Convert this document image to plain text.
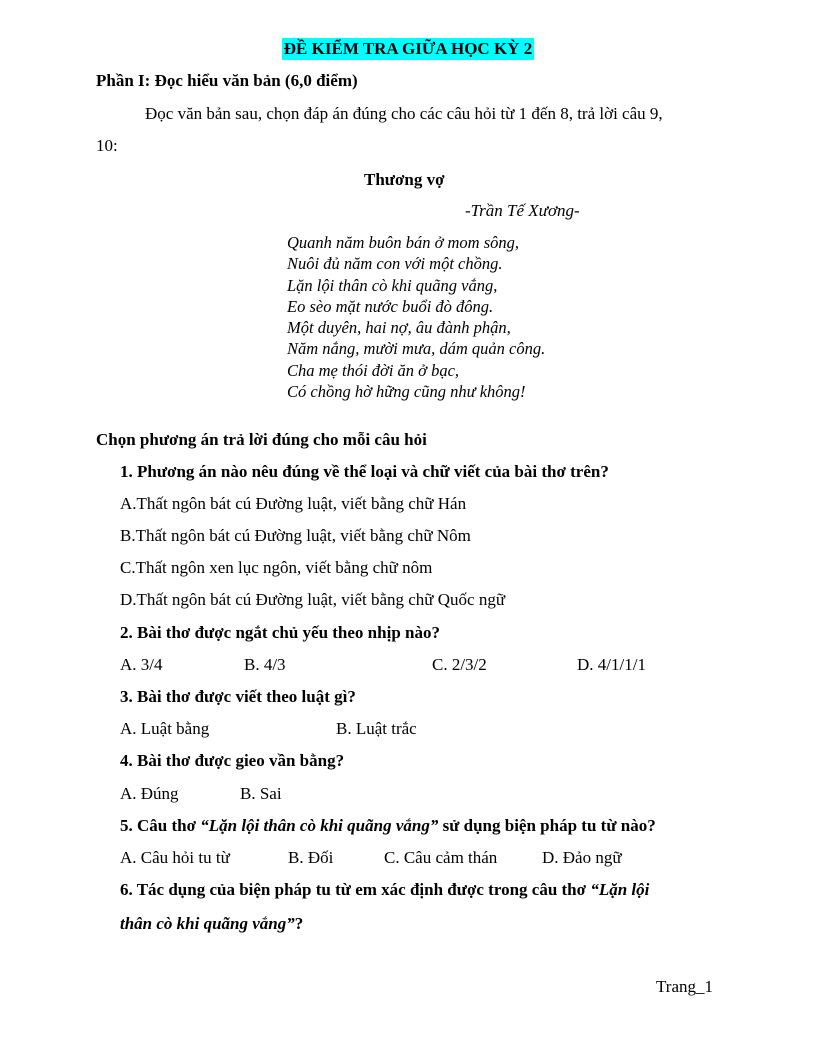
ĐỀ KIỂM TRA GIỮA HỌC KỲ 2
Phần I: Đọc hiểu văn bản (6,0 điểm)
Đọc văn bản sau, chọn đáp án đúng cho các câu hỏi từ 1 đến 8, trả lời câu 9,
10:
Thương vợ
-Trần Tế Xương-
Quanh năm buôn bán ở mom sông,
Nuôi đủ năm con với một chồng.
Lặn lội thân cò khi quãng vắng,
Eo sèo mặt nước buổi đò đông.
Một duyên, hai nợ, âu đành phận,
Năm nắng, mười mưa, dám quản công.
Cha mẹ thói đời ăn ở bạc,
Có chồng hờ hững cũng như không!
Chọn phương án trả lời đúng cho mỗi câu hỏi
1. Phương án nào nêu đúng về thể loại và chữ viết của bài thơ trên?
A.Thất ngôn bát cú Đường luật, viết bằng chữ Hán
B.Thất ngôn bát cú Đường luật, viết bằng chữ Nôm
C.Thất ngôn xen lục ngôn, viết bằng chữ nôm
D.Thất ngôn bát cú Đường luật, viết bằng chữ Quốc ngữ
2. Bài thơ được ngắt chủ yếu theo nhịp nào?
A. 3/4	B. 4/3	C. 2/3/2	D. 4/1/1/1
3. Bài thơ được viết theo luật gì?
A. Luật bằng	B. Luật trắc
4. Bài thơ được gieo vần bằng?
A. Đúng	B. Sai
5. Câu thơ “Lặn lội thân cò khi quãng vắng” sử dụng biện pháp tu từ nào?
A. Câu hỏi tu từ	B. Đối	C. Câu cảm thán	D. Đảo ngữ
6. Tác dụng của biện pháp tu từ em xác định được trong câu thơ “Lặn lội
thân cò khi quãng vắng”?
Trang_1
